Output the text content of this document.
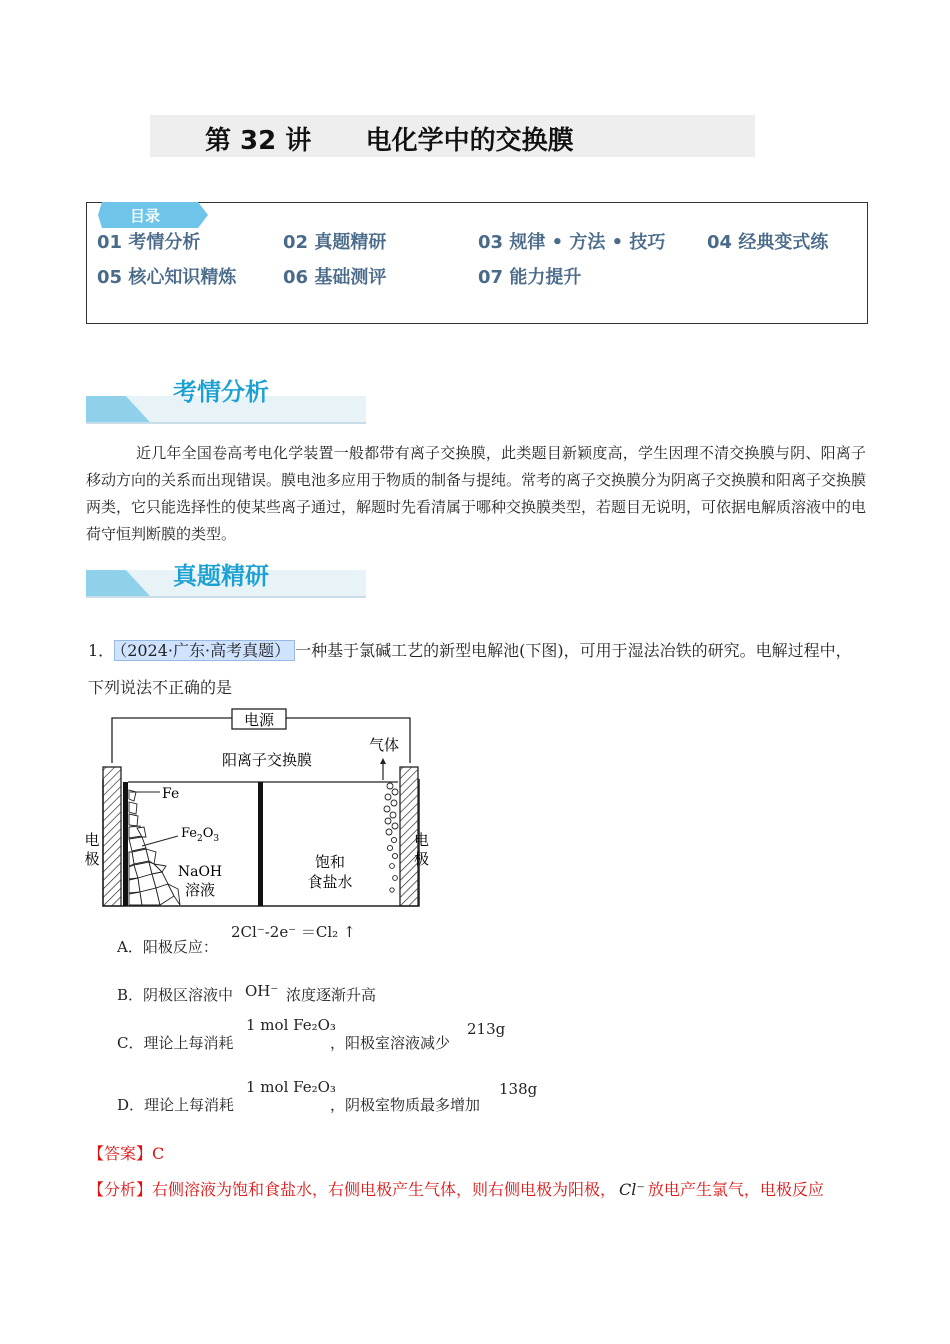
第 32 讲      电化学中的交换膜
目录
01 考情分析	02 真题精研	03 规律 • 方法 • 技巧 04 经典变式练
05 核心知识精炼	06 基础测评	07 能力提升
考情分析
近几年全国卷高考电化学装置一般都带有离子交换膜，此类题目新颖度高，学生因理不清交换膜与阴、阳离子移动方向的关系而出现错误。膜电池多应用于物质的制备与提纯。常考的离子交换膜分为阴离子交换膜和阳离子交换膜两类，它只能选择性的使某些离子通过，解题时先看清属于哪种交换膜类型，若题目无说明，可依据电解质溶液中的电荷守恒判断膜的类型。
真题精研
1． （2024·广东·高考真题） 一种基于氯碱工艺的新型电解池(下图)，可用于湿法冶铁的研究。电解过程中，
下列说法不正确的是
电源
阳离子交换膜
气体
Fe
$Fe_2O_3$
电
极
电
极
NaOH
溶液
饱和
食盐水
A．阳极反应：
2Cl⁻-2e⁻ ＝Cl₂ ↑
B．阴极区溶液中 OH⁻ 浓度逐渐升高
C．理论上每消耗
1 mol Fe₂O₃
，阳极室溶液减少
213g
D．理论上每消耗
1 mol Fe₂O₃
，阴极室物质最多增加
138g
【答案】C
【分析】右侧溶液为饱和食盐水，右侧电极产生气体，则右侧电极为阳极， Cl⁻ 放电产生氯气，电极反应
